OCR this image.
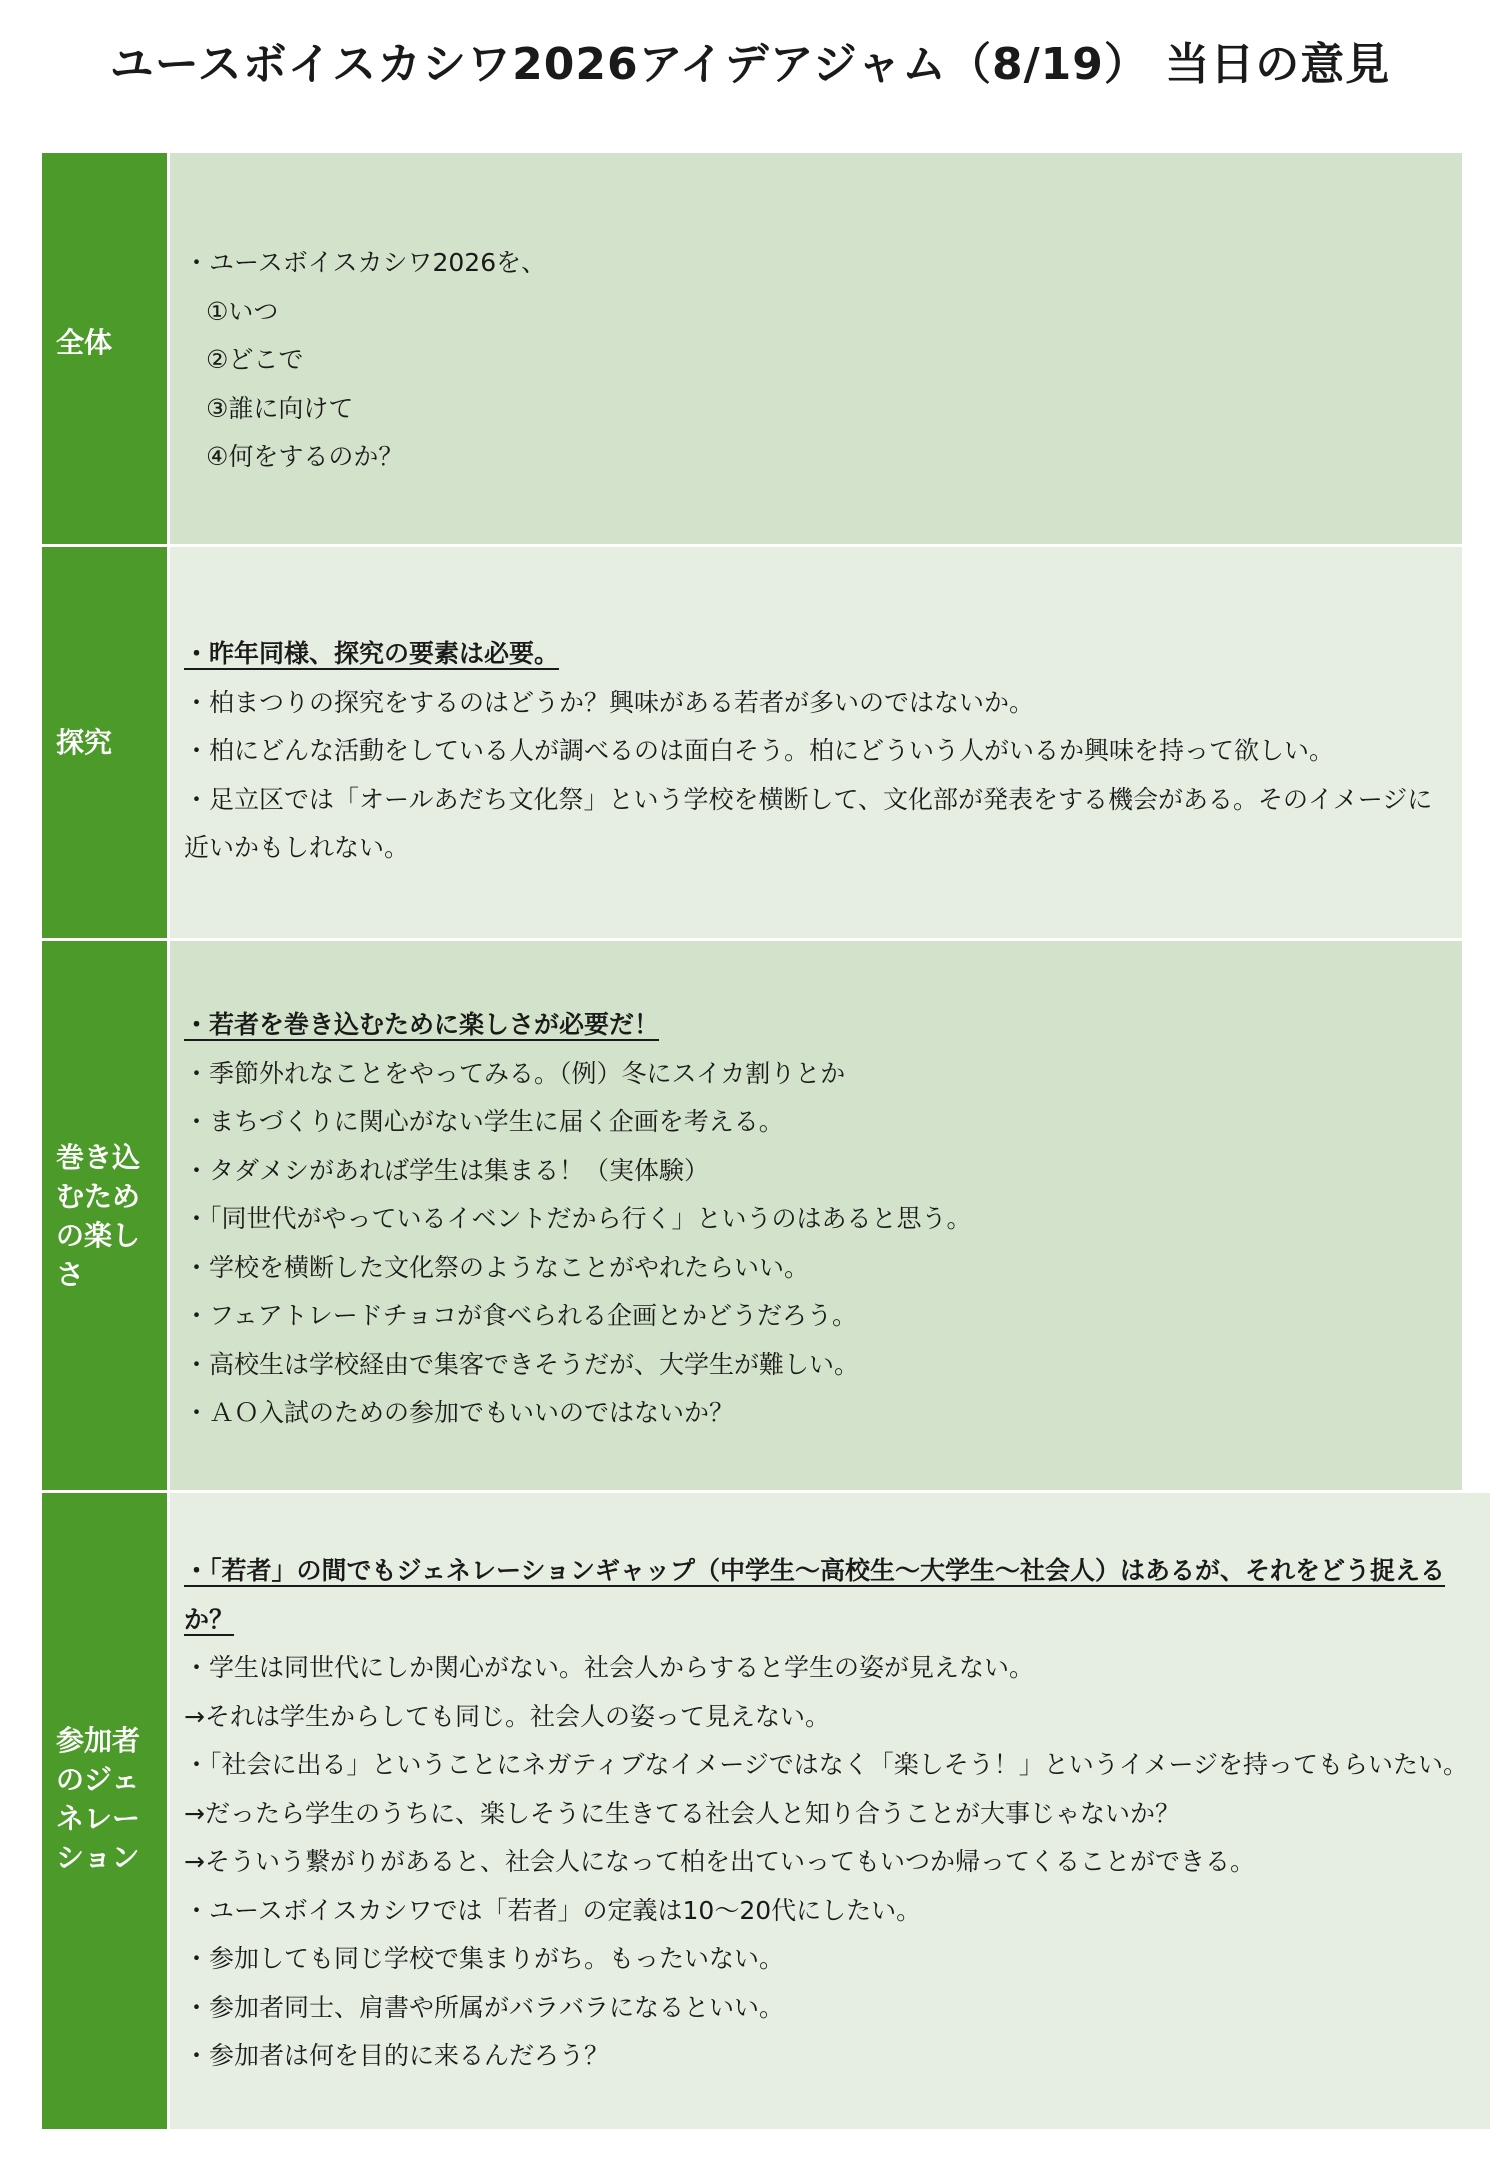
ユースボイスカシワ2026アイデアジャム（8/19） 当日の意見
全体
・ユースボイスカシワ2026を、
①いつ
②どこで
③誰に向けて
④何をするのか？
探究
・昨年同様、探究の要素は必要。
・柏まつりの探究をするのはどうか？興味がある若者が多いのではないか。
・柏にどんな活動をしている人が調べるのは面白そう。柏にどういう人がいるか興味を持って欲しい。
・足立区では「オールあだち文化祭」という学校を横断して、文化部が発表をする機会がある。そのイメージに近いかもしれない。
巻き込むための楽しさ
・若者を巻き込むために楽しさが必要だ！
・季節外れなことをやってみる。（例）冬にスイカ割りとか
・まちづくりに関心がない学生に届く企画を考える。
・タダメシがあれば学生は集まる！（実体験）
・「同世代がやっているイベントだから行く」というのはあると思う。
・学校を横断した文化祭のようなことがやれたらいい。
・フェアトレードチョコが食べられる企画とかどうだろう。
・高校生は学校経由で集客できそうだが、大学生が難しい。
・ＡＯ入試のための参加でもいいのではないか？
参加者のジェネレーション
・「若者」の間でもジェネレーションギャップ（中学生～高校生～大学生～社会人）はあるが、それをどう捉えるか？
・学生は同世代にしか関心がない。社会人からすると学生の姿が見えない。
→それは学生からしても同じ。社会人の姿って見えない。
・「社会に出る」ということにネガティブなイメージではなく「楽しそう！」というイメージを持ってもらいたい。
→だったら学生のうちに、楽しそうに生きてる社会人と知り合うことが大事じゃないか？
→そういう繋がりがあると、社会人になって柏を出ていってもいつか帰ってくることができる。
・ユースボイスカシワでは「若者」の定義は10～20代にしたい。
・参加しても同じ学校で集まりがち。もったいない。
・参加者同士、肩書や所属がバラバラになるといい。
・参加者は何を目的に来るんだろう？
